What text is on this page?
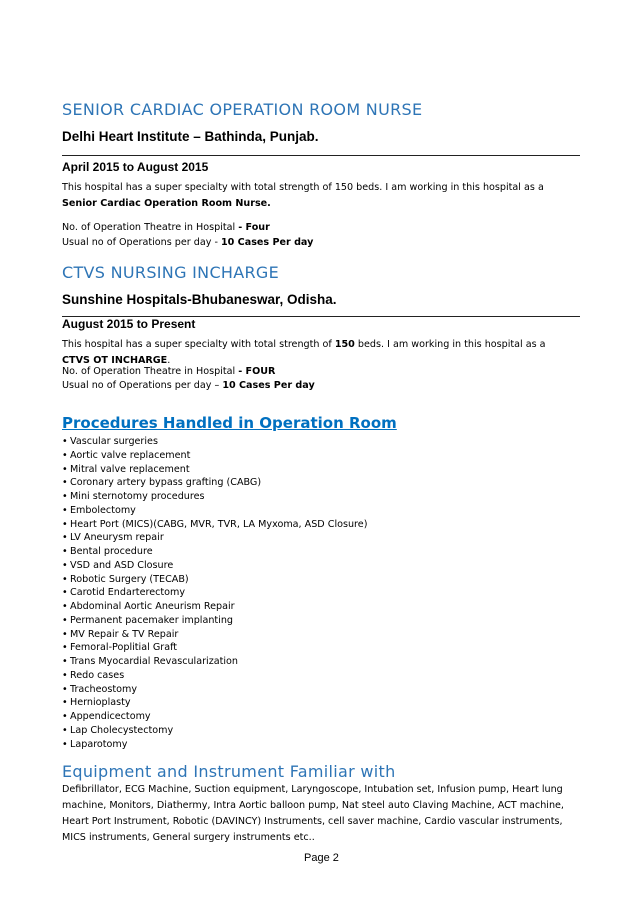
SENIOR CARDIAC OPERATION ROOM NURSE
Delhi Heart Institute – Bathinda, Punjab.
April 2015 to August 2015
This hospital has a super specialty with total strength of 150 beds. I am working in this hospital as a Senior Cardiac Operation Room Nurse.
No. of Operation Theatre in Hospital - Four
Usual no of Operations per day - 10 Cases Per day
CTVS NURSING INCHARGE
Sunshine Hospitals-Bhubaneswar, Odisha.
August 2015 to Present
This hospital has a super specialty with total strength of 150 beds. I am working in this hospital as a CTVS OT INCHARGE.
No. of Operation Theatre in Hospital - FOUR
Usual no of Operations per day – 10 Cases Per day
Procedures Handled in Operation Room
• Vascular surgeries
• Aortic valve replacement
• Mitral valve replacement
• Coronary artery bypass grafting (CABG)
• Mini sternotomy procedures
• Embolectomy
• Heart Port (MICS)(CABG, MVR, TVR, LA Myxoma, ASD Closure)
• LV Aneurysm repair
• Bental procedure
• VSD and ASD Closure
• Robotic Surgery (TECAB)
• Carotid Endarterectomy
• Abdominal Aortic Aneurism Repair
• Permanent pacemaker implanting
• MV Repair & TV Repair
• Femoral-Poplitial Graft
• Trans Myocardial Revascularization
• Redo cases
• Tracheostomy
• Hernioplasty
• Appendicectomy
• Lap Cholecystectomy
• Laparotomy
Equipment and Instrument Familiar with
Defibrillator, ECG Machine, Suction equipment, Laryngoscope, Intubation set, Infusion pump, Heart lung machine, Monitors, Diathermy, Intra Aortic balloon pump, Nat steel auto Claving Machine, ACT machine, Heart Port Instrument, Robotic (DAVINCY) Instruments, cell saver machine, Cardio vascular instruments, MICS instruments, General surgery instruments etc..
Page 2
